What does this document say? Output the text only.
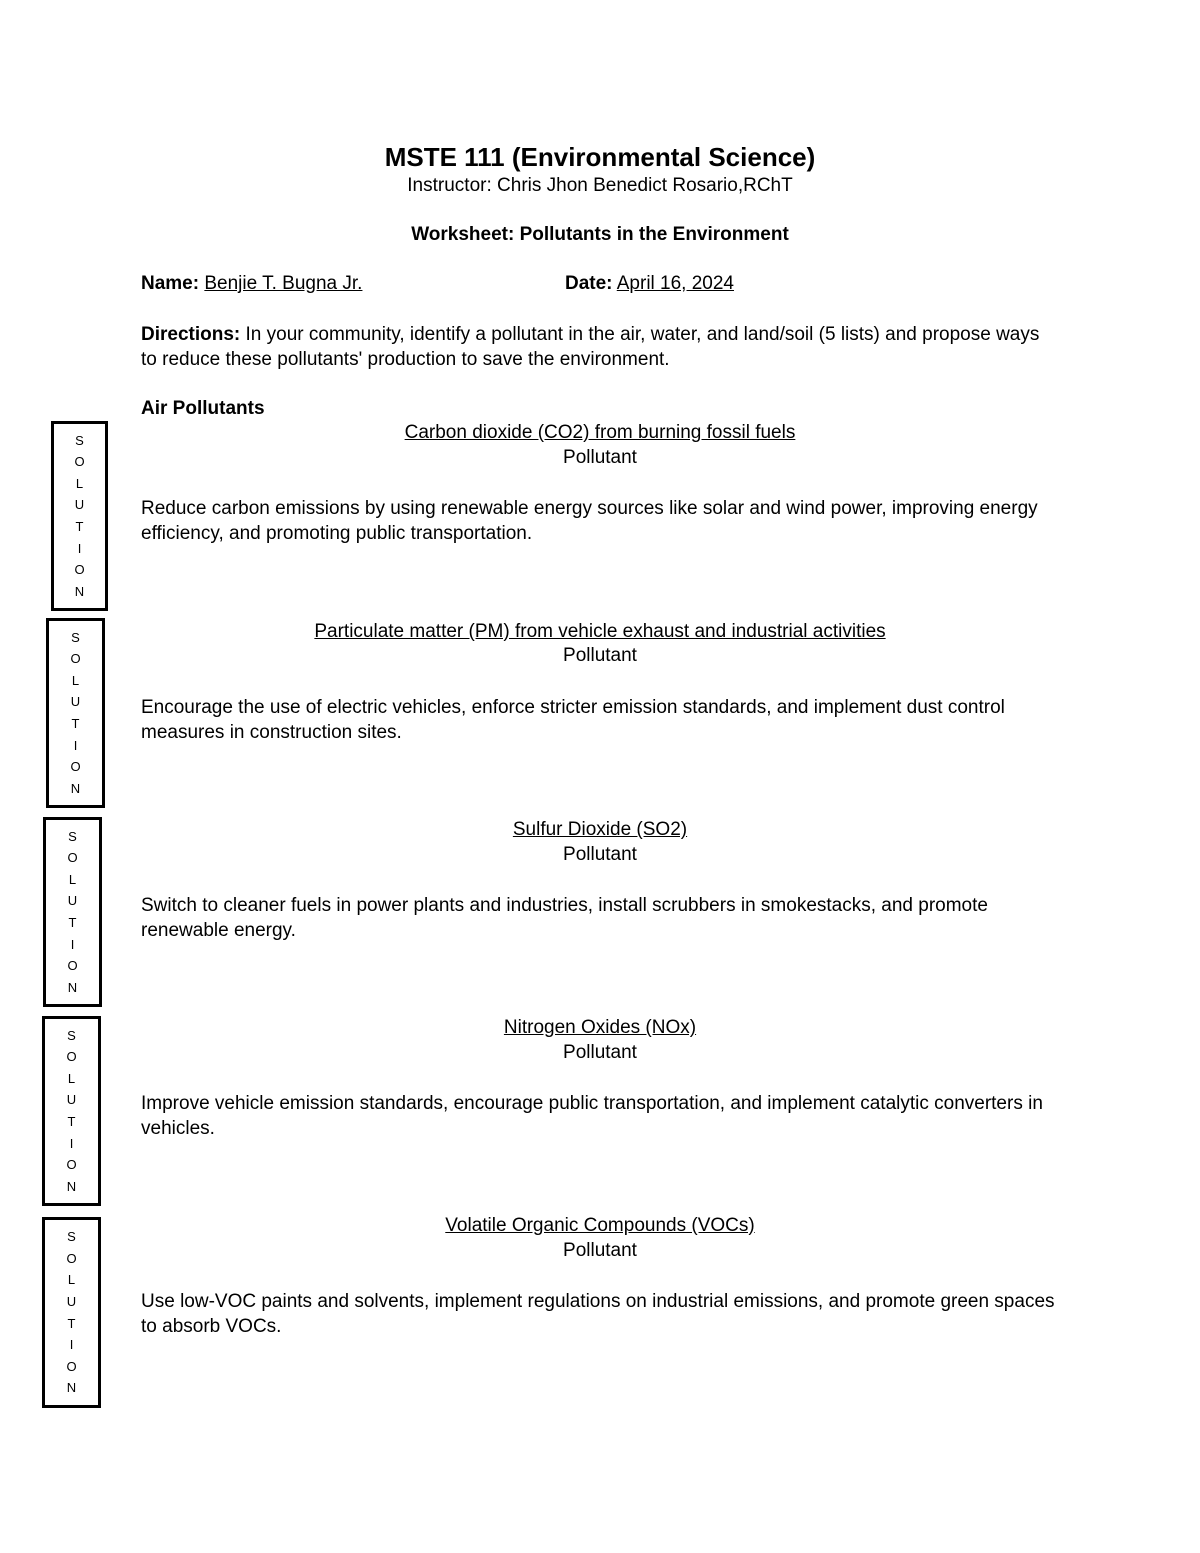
MSTE 111 (Environmental Science)
Instructor: Chris Jhon Benedict Rosario,RChT
Worksheet: Pollutants in the Environment
Name: Benjie T. Bugna Jr.	Date: April 16, 2024
Directions: In your community, identify a pollutant in the air, water, and land/soil (5 lists) and propose ways to reduce these pollutants' production to save the environment.
Air Pollutants
S
O
L
U
T
I
O
N
Carbon dioxide (CO2) from burning fossil fuels
Pollutant
Reduce carbon emissions by using renewable energy sources like solar and wind power, improving energy efficiency, and promoting public transportation.
S
O
L
U
T
I
O
N
Particulate matter (PM) from vehicle exhaust and industrial activities
Pollutant
Encourage the use of electric vehicles, enforce stricter emission standards, and implement dust control measures in construction sites.
S
O
L
U
T
I
O
N
Sulfur Dioxide (SO2)
Pollutant
Switch to cleaner fuels in power plants and industries, install scrubbers in smokestacks, and promote renewable energy.
S
O
L
U
T
I
O
N
Nitrogen Oxides (NOx)
Pollutant
Improve vehicle emission standards, encourage public transportation, and implement catalytic converters in vehicles.
S
O
L
U
T
I
O
N
Volatile Organic Compounds (VOCs)
Pollutant
Use low-VOC paints and solvents, implement regulations on industrial emissions, and promote green spaces to absorb VOCs.
